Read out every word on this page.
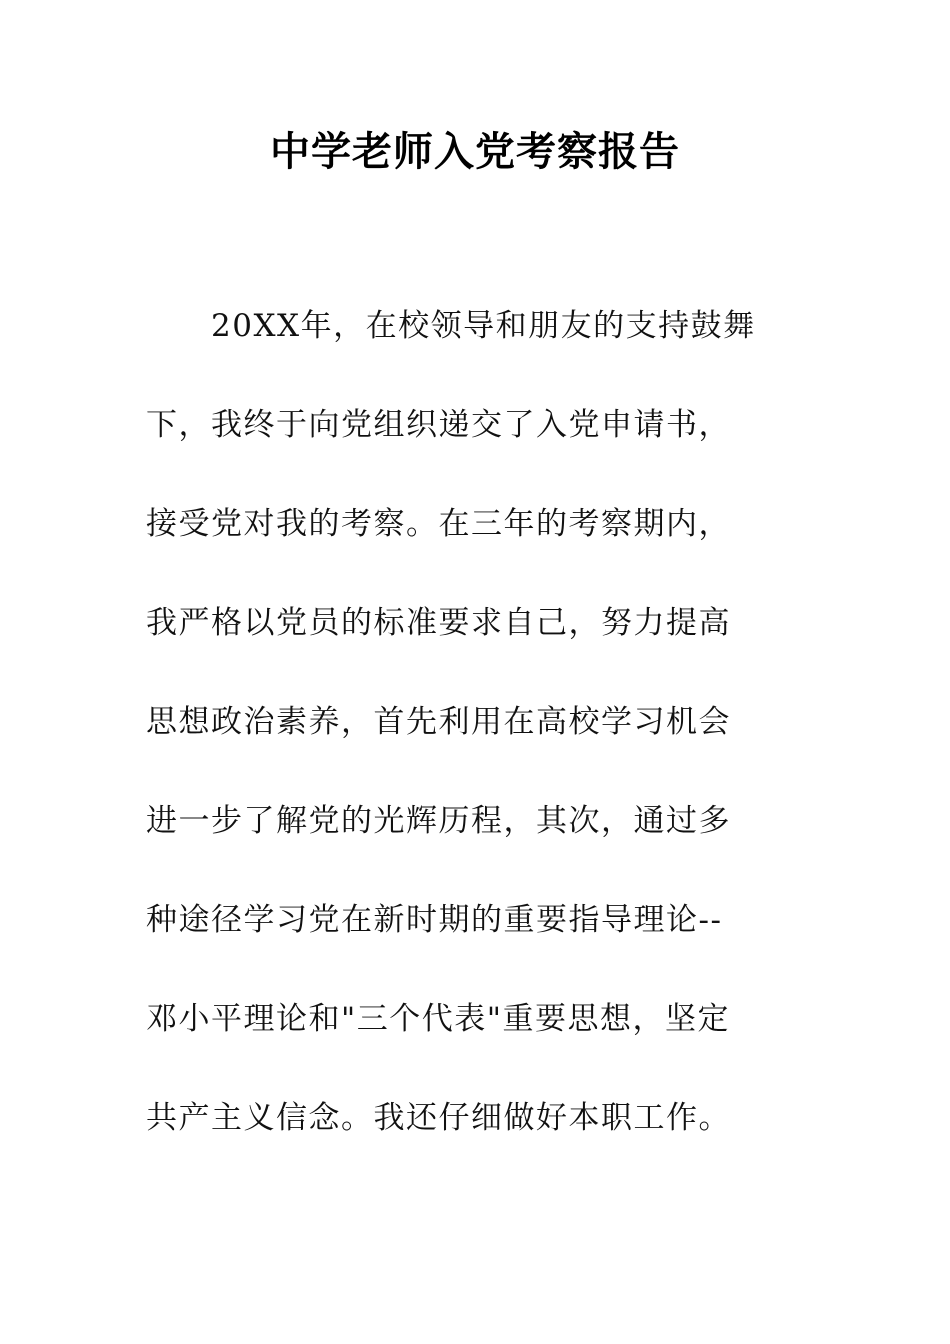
中学老师入党考察报告
　　20XX年，在校领导和朋友的支持鼓舞
下，我终于向党组织递交了入党申请书，
接受党对我的考察。在三年的考察期内，
我严格以党员的标准要求自己，努力提高
思想政治素养，首先利用在高校学习机会
进一步了解党的光辉历程，其次，通过多
种途径学习党在新时期的重要指导理论--
邓小平理论和"三个代表"重要思想，坚定
共产主义信念。我还仔细做好本职工作。
